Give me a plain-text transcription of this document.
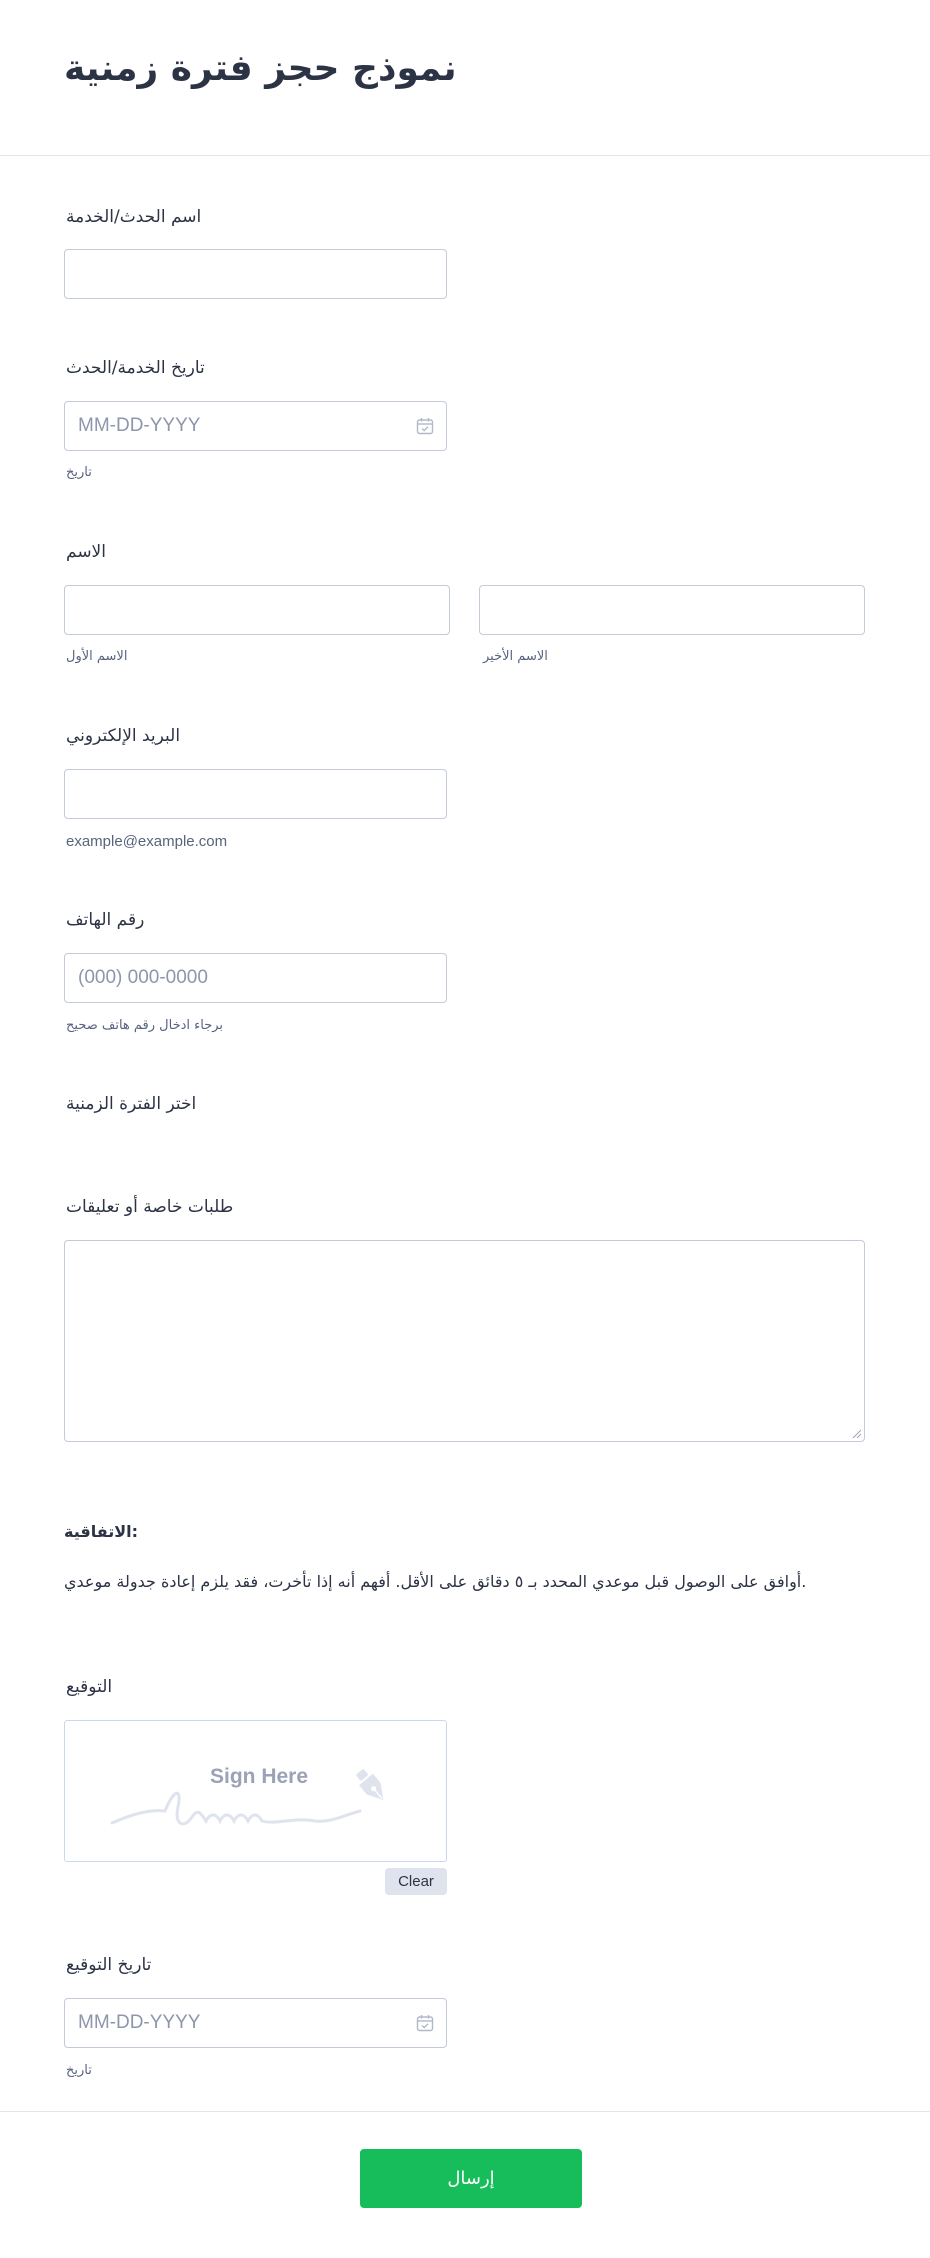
نموذج حجز فترة زمنية
اسم الحدث/الخدمة
تاريخ الخدمة/الحدث
MM-DD-YYYY
تاريخ
الاسم
الاسم الأول	الاسم الأخير
البريد الإلكتروني
example@example.com
رقم الهاتف
(000) 000-0000
برجاء ادخال رقم هاتف صحيح
اختر الفترة الزمنية
طلبات خاصة أو تعليقات
الاتفاقية:
أوافق على الوصول قبل موعدي المحدد بـ ٥ دقائق على الأقل. أفهم أنه إذا تأخرت، فقد يلزم إعادة جدولة موعدي.
التوقيع
Sign Here
Clear
تاريخ التوقيع
MM-DD-YYYY
تاريخ
إرسال
